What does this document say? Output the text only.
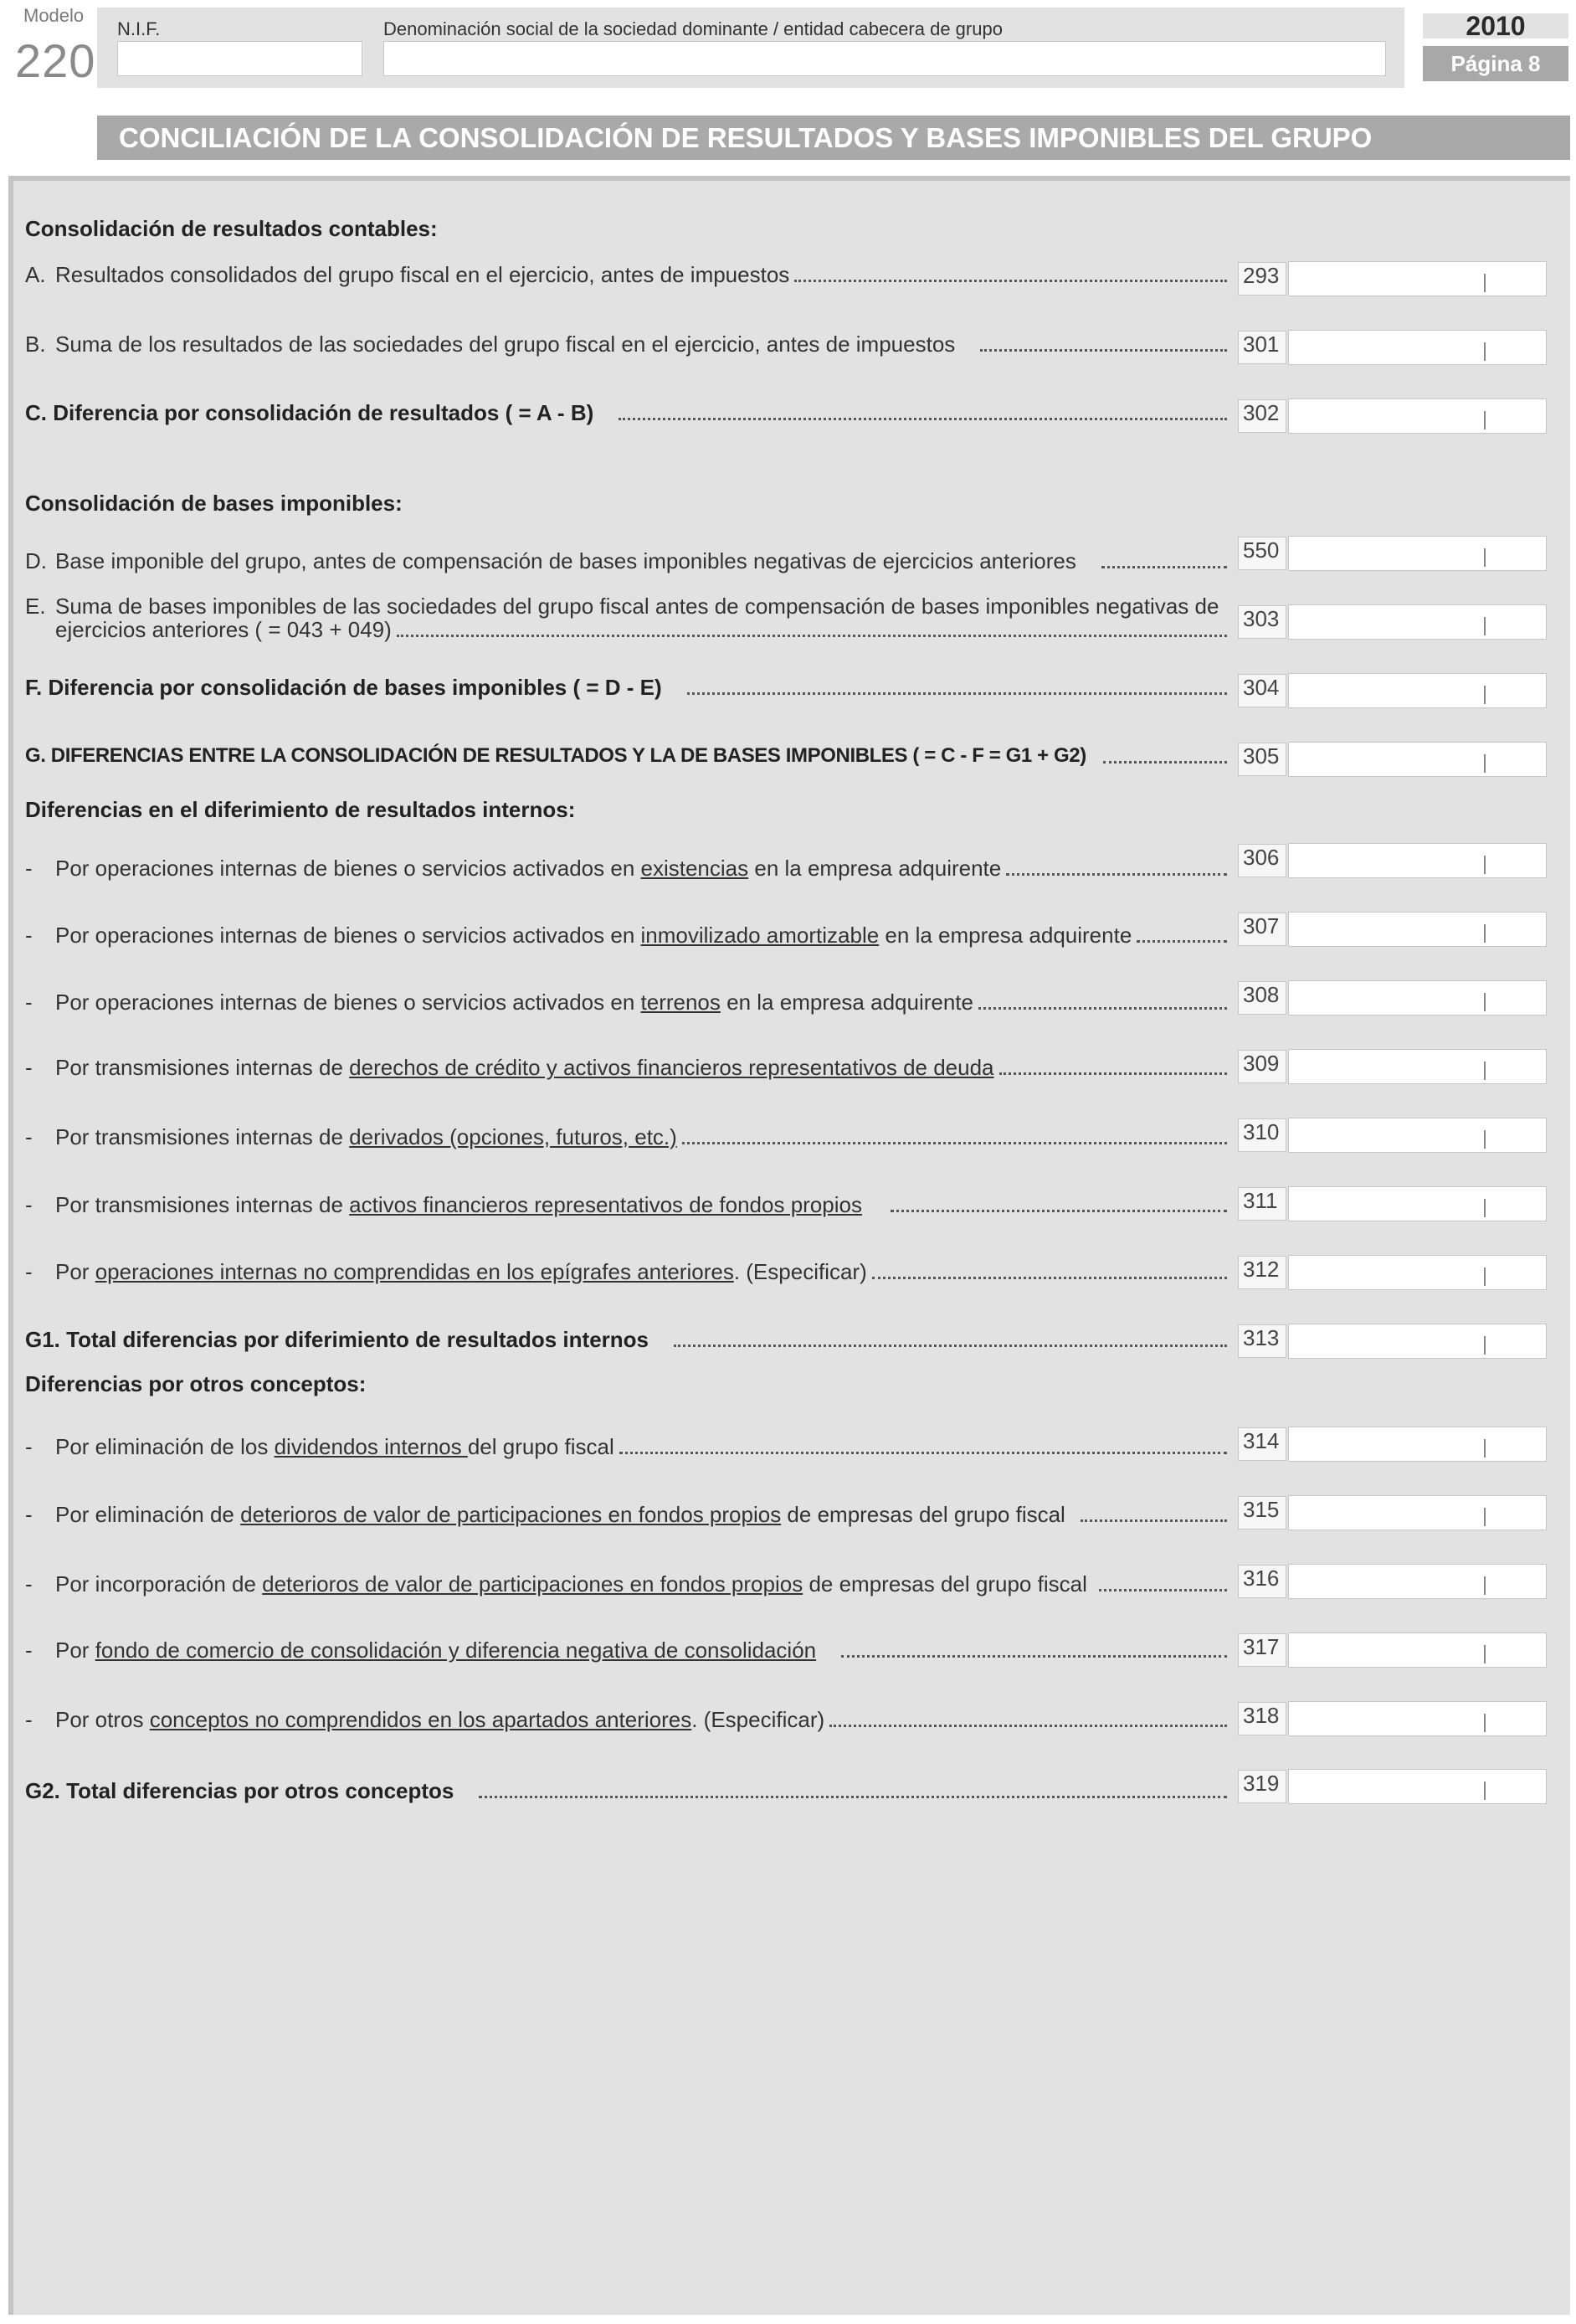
Modelo
220
N.I.F.	Denominación social de la sociedad dominante / entidad cabecera de grupo	2010
Página 8
CONCILIACIÓN DE LA CONSOLIDACIÓN DE RESULTADOS Y BASES IMPONIBLES DEL GRUPO
Consolidación de resultados contables:
A. Resultados consolidados del grupo fiscal en el ejercicio, antes de impuestos	293
B. Suma de los resultados de las sociedades del grupo fiscal en el ejercicio, antes de impuestos	301
C. Diferencia por consolidación de resultados ( = A - B)	302
Consolidación de bases imponibles:
D. Base imponible del grupo, antes de compensación de bases imponibles negativas de ejercicios anteriores	550
E. Suma de bases imponibles de las sociedades del grupo fiscal antes de compensación de bases imponibles negativas de
ejercicios anteriores ( = 043 + 049)	303
F. Diferencia por consolidación de bases imponibles ( = D - E)	304
G. DIFERENCIAS ENTRE LA CONSOLIDACIÓN DE RESULTADOS Y LA DE BASES IMPONIBLES ( = C - F = G1 + G2)	305
Diferencias en el diferimiento de resultados internos:
-	Por operaciones internas de bienes o servicios activados en existencias en la empresa adquirente	306
-	Por operaciones internas de bienes o servicios activados en inmovilizado amortizable en la empresa adquirente	307
-	Por operaciones internas de bienes o servicios activados en terrenos en la empresa adquirente	308
-	Por transmisiones internas de derechos de crédito y activos financieros representativos de deuda	309
-	Por transmisiones internas de derivados (opciones, futuros, etc.)	310
-	Por transmisiones internas de activos financieros representativos de fondos propios	311
-	Por operaciones internas no comprendidas en los epígrafes anteriores. (Especificar)	312
G1. Total diferencias por diferimiento de resultados internos	313
Diferencias por otros conceptos:
-	Por eliminación de los dividendos internos del grupo fiscal	314
-	Por eliminación de deterioros de valor de participaciones en fondos propios de empresas del grupo fiscal	315
-	Por incorporación de deterioros de valor de participaciones en fondos propios de empresas del grupo fiscal	316
-	Por fondo de comercio de consolidación y diferencia negativa de consolidación	317
-	Por otros conceptos no comprendidos en los apartados anteriores. (Especificar)	318
G2. Total diferencias por otros conceptos	319
